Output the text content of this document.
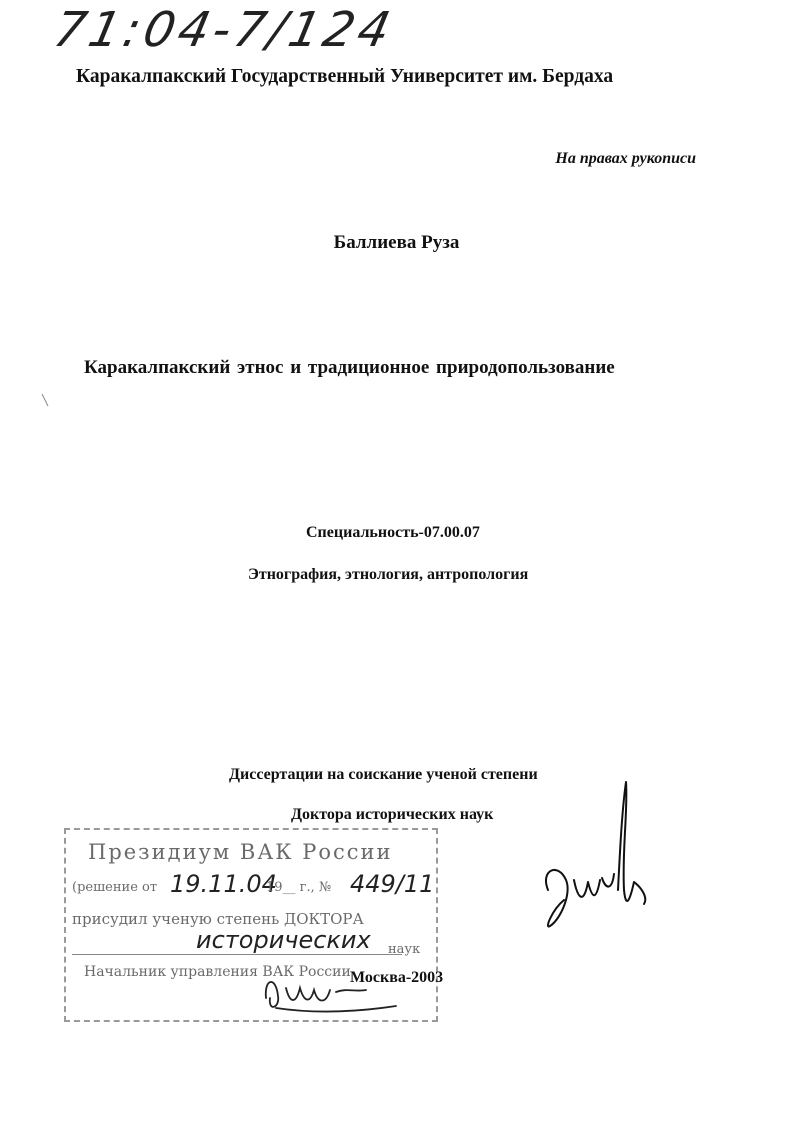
71:04-7/124
Каракалпакский Государственный Университет им. Бердаха
На правах рукописи
Баллиева Руза
Каракалпакский этнос и традиционное природопользование
Специальность-07.00.07
Этнография, этнология, антропология
Диссертации на соискание ученой степени
Доктора исторических наук
Президиум ВАК России
(решение от 19.11.04
19__ г., № 449/11
присудил ученую степень ДОКТОРА
исторических наук
Начальник управления ВАК России Москва-2003
